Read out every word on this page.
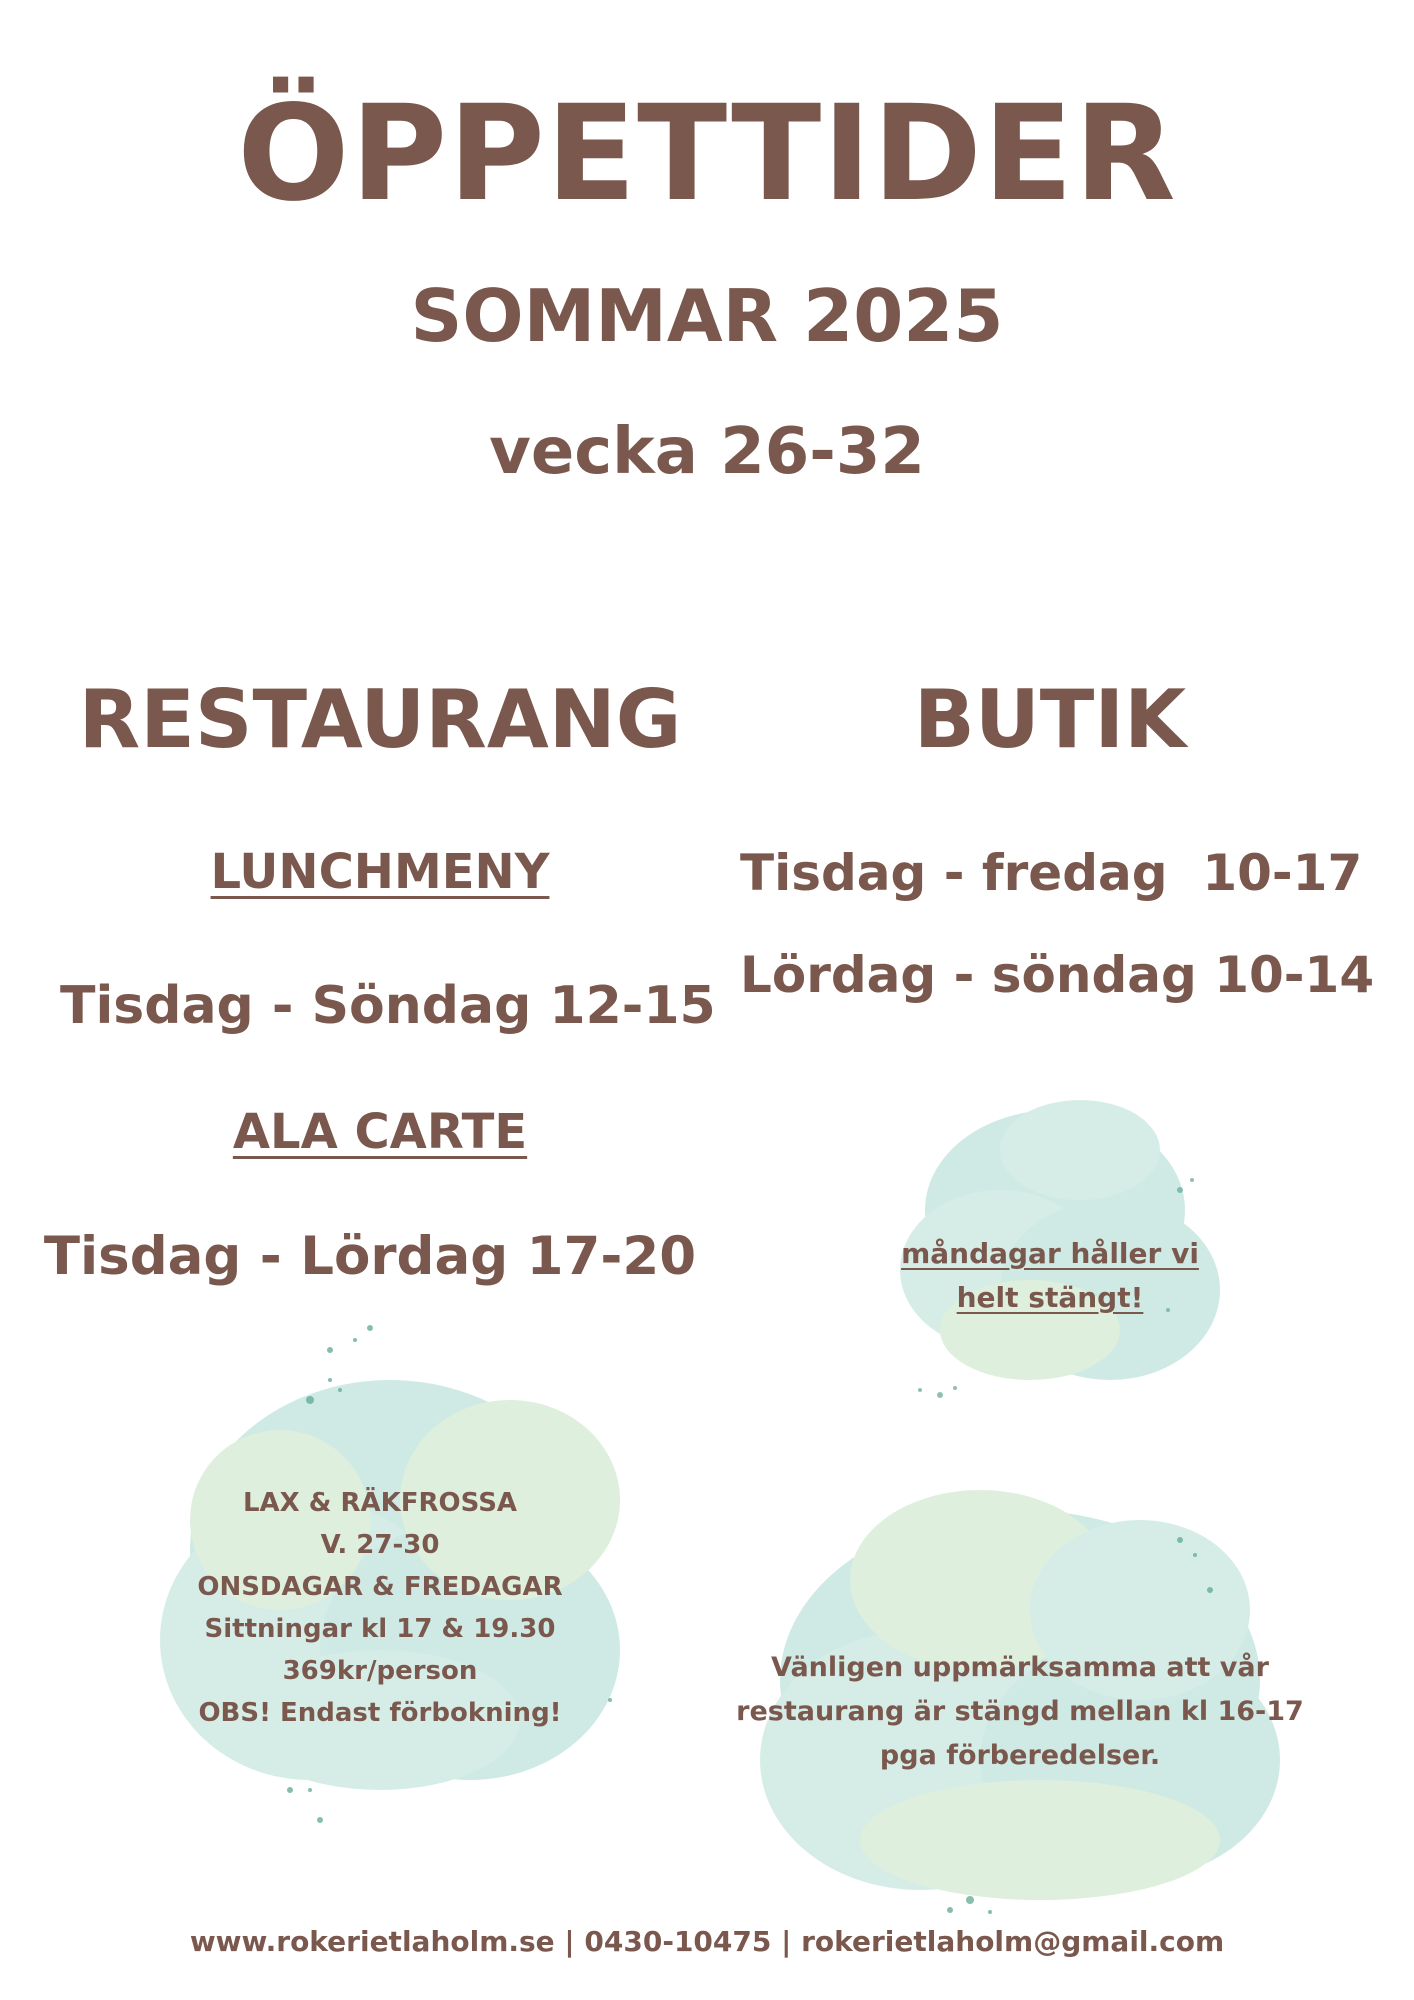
ÖPPETTIDER
SOMMAR 2025
vecka 26-32
RESTAURANG
LUNCHMENY
Tisdag - Söndag 12-15
ALA CARTE
Tisdag - Lördag 17-20
BUTIK
Tisdag - fredag  10-17
Lördag - söndag 10-14
måndagar håller vi
helt stängt!
LAX & RÄKFROSSA
V. 27-30
ONSDAGAR & FREDAGAR
Sittningar kl 17 & 19.30
369kr/person
OBS! Endast förbokning!
Vänligen uppmärksamma att vår
restaurang är stängd mellan kl 16-17
pga förberedelser.
www.rokerietlaholm.se | 0430-10475 | rokerietlaholm@gmail.com
